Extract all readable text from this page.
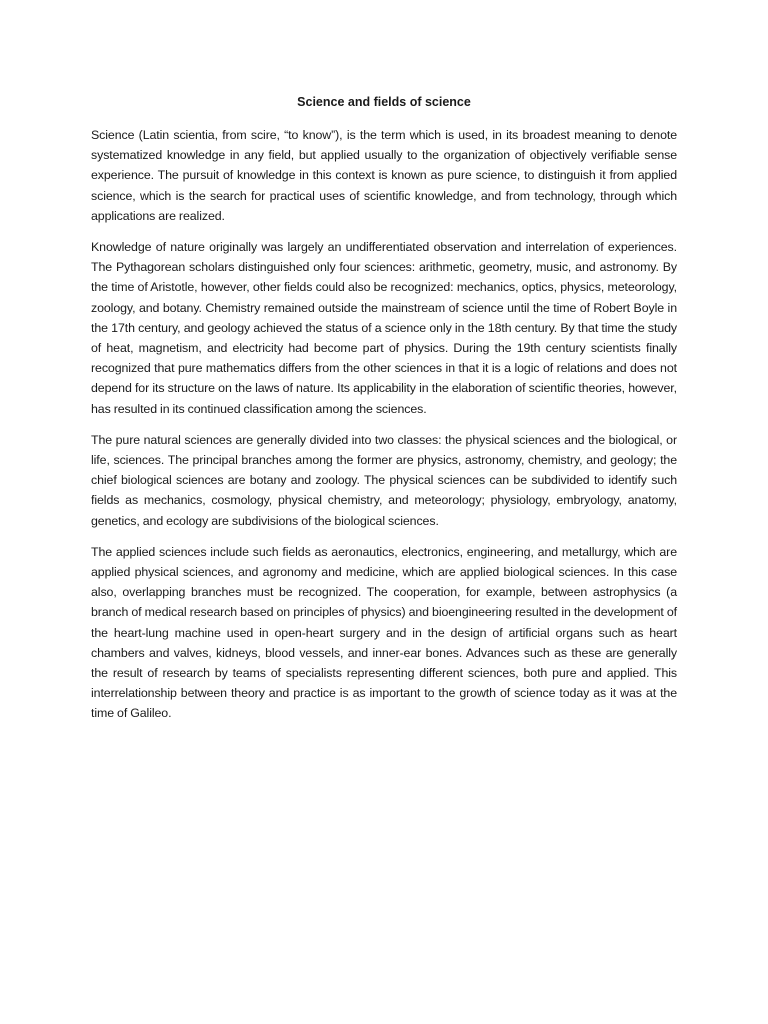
Science and fields of science

Science (Latin scientia, from scire, “to know”), is the term which is used, in its broadest meaning to denote systematized knowledge in any field, but applied usually to the organization of objectively verifiable sense experience. The pursuit of knowledge in this context is known as pure science, to distinguish it from applied science, which is the search for practical uses of scientific knowledge, and from technology, through which applications are realized.

Knowledge of nature originally was largely an undifferentiated observation and interrelation of experiences. The Pythagorean scholars distinguished only four sciences: arithmetic, geometry, music, and astronomy. By the time of Aristotle, however, other fields could also be recognized: mechanics, optics, physics, meteorology, zoology, and botany. Chemistry remained outside the mainstream of science until the time of Robert Boyle in the 17th century, and geology achieved the status of a science only in the 18th century. By that time the study of heat, magnetism, and electricity had become part of physics. During the 19th century scientists finally recognized that pure mathematics differs from the other sciences in that it is a logic of relations and does not depend for its structure on the laws of nature. Its applicability in the elaboration of scientific theories, however, has resulted in its continued classification among the sciences.

The pure natural sciences are generally divided into two classes: the physical sciences and the biological, or life, sciences. The principal branches among the former are physics, astronomy, chemistry, and geology; the chief biological sciences are botany and zoology. The physical sciences can be subdivided to identify such fields as mechanics, cosmology, physical chemistry, and meteorology; physiology, embryology, anatomy, genetics, and ecology are subdivisions of the biological sciences.

The applied sciences include such fields as aeronautics, electronics, engineering, and metallurgy, which are applied physical sciences, and agronomy and medicine, which are applied biological sciences. In this case also, overlapping branches must be recognized. The cooperation, for example, between astrophysics (a branch of medical research based on principles of physics) and bioengineering resulted in the development of the heart-lung machine used in open-heart surgery and in the design of artificial organs such as heart chambers and valves, kidneys, blood vessels, and inner-ear bones. Advances such as these are generally the result of research by teams of specialists representing different sciences, both pure and applied. This interrelationship between theory and practice is as important to the growth of science today as it was at the time of Galileo.
